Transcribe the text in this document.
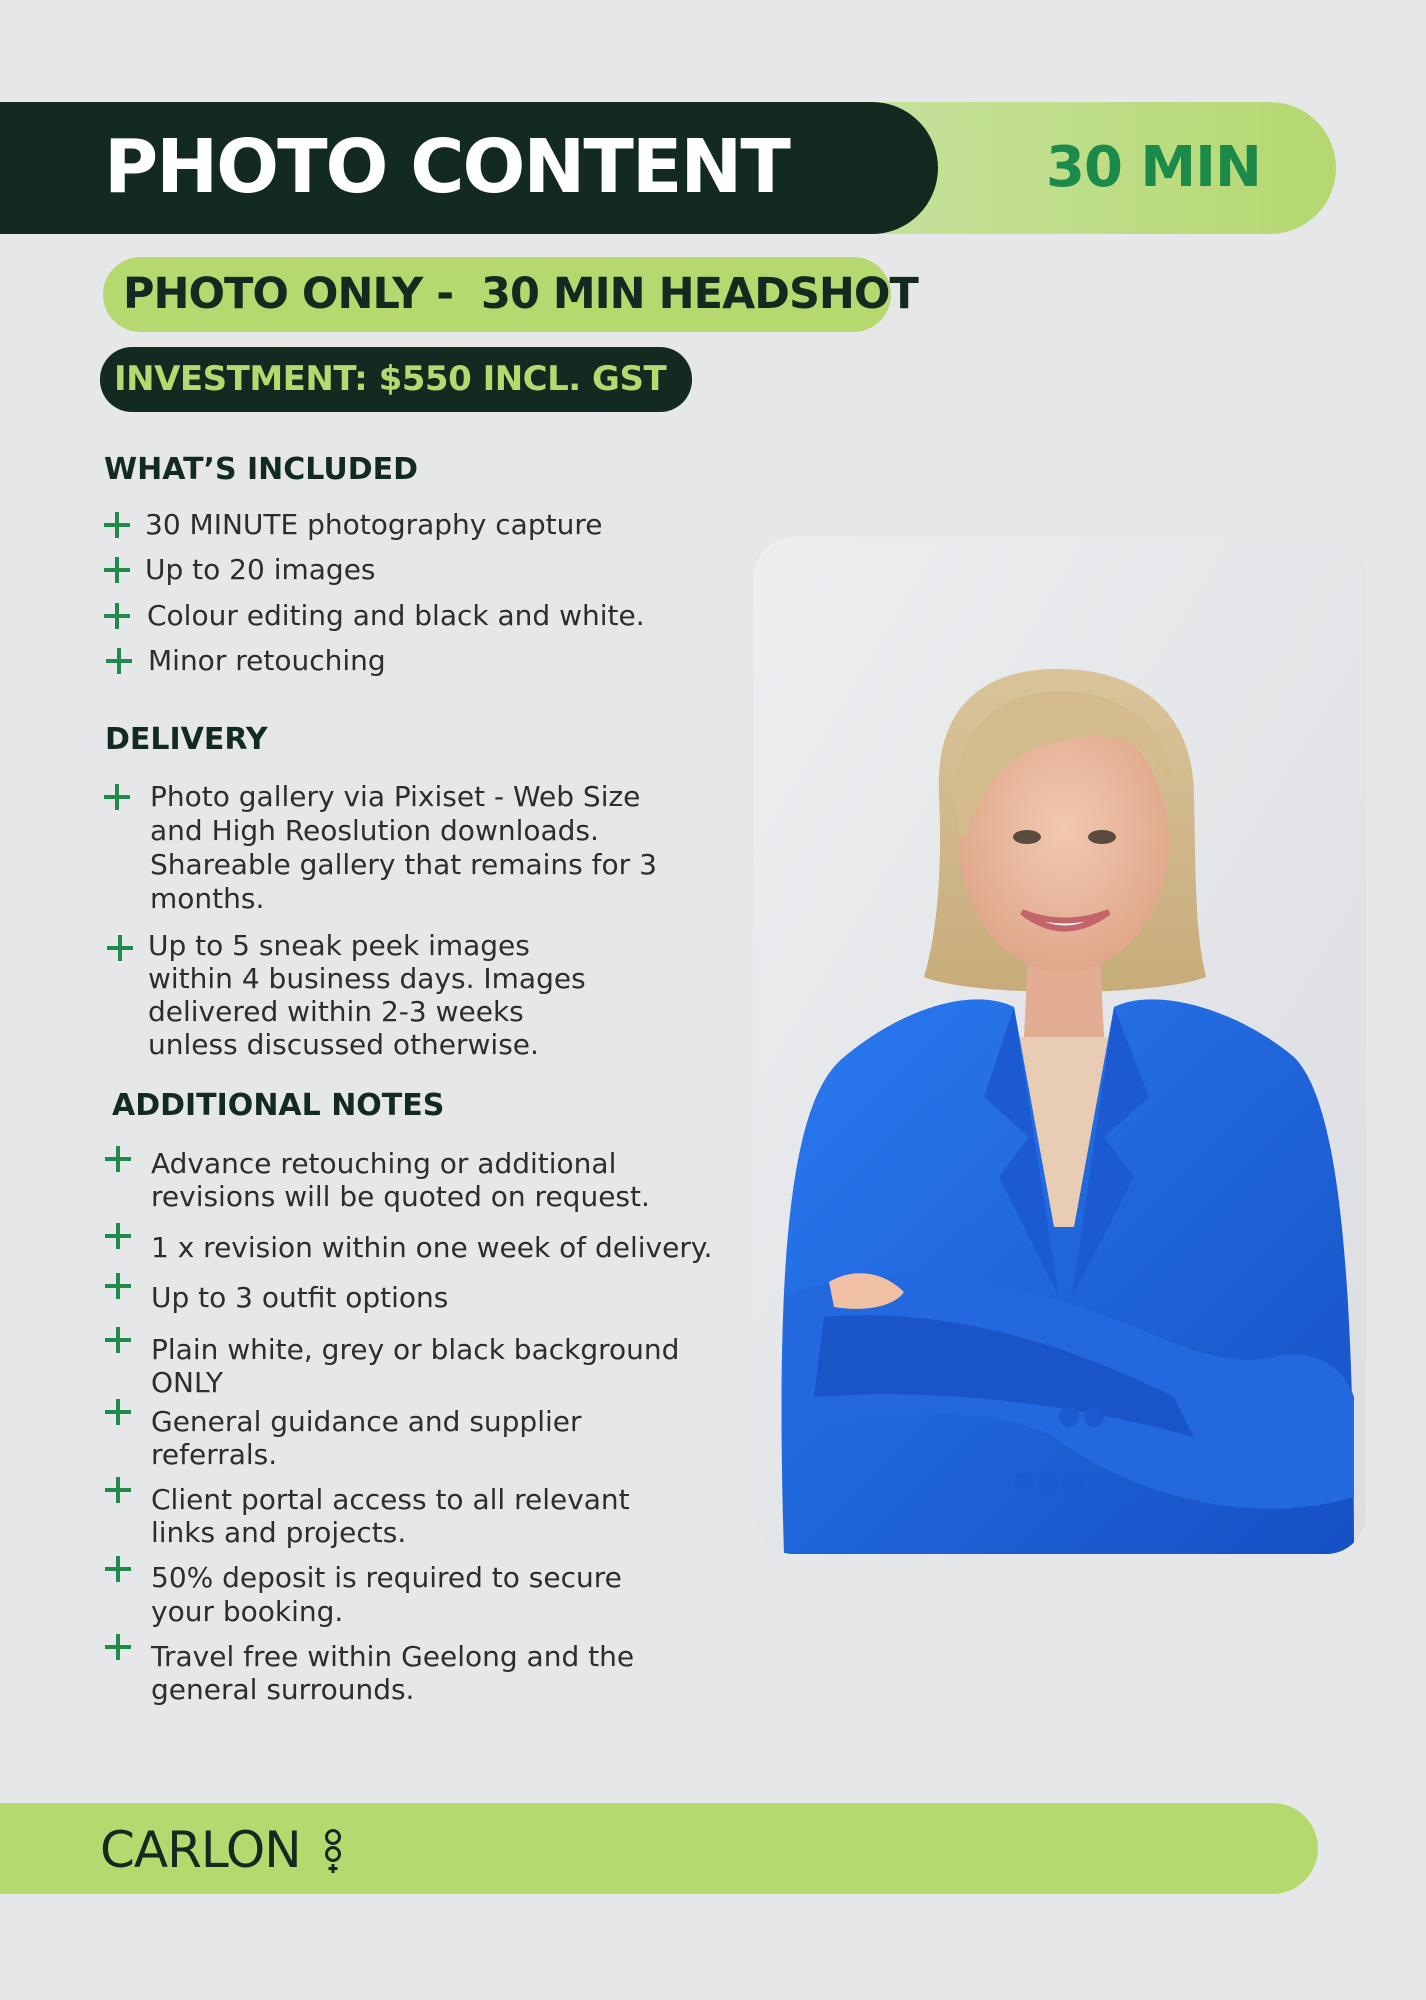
PHOTO CONTENT	30 MIN
PHOTO ONLY -  30 MIN HEADSHOT
INVESTMENT: $550 INCL. GST
WHAT’S INCLUDED
30 MINUTE photography capture
Up to 20 images
Colour editing and black and white.
Minor retouching
DELIVERY
Photo gallery via Pixiset - Web Size
and High Reoslution downloads.
Shareable gallery that remains for 3
months.
Up to 5 sneak peek images
within 4 business days. Images
delivered within 2-3 weeks
unless discussed otherwise.
ADDITIONAL NOTES
Advance retouching or additional
revisions will be quoted on request.
1 x revision within one week of delivery.
Up to 3 outfit options
Plain white, grey or black background
ONLY
General guidance and supplier
referrals.
Client portal access to all relevant
links and projects.
50% deposit is required to secure
your booking.
Travel free within Geelong and the
general surrounds.
CARLON
